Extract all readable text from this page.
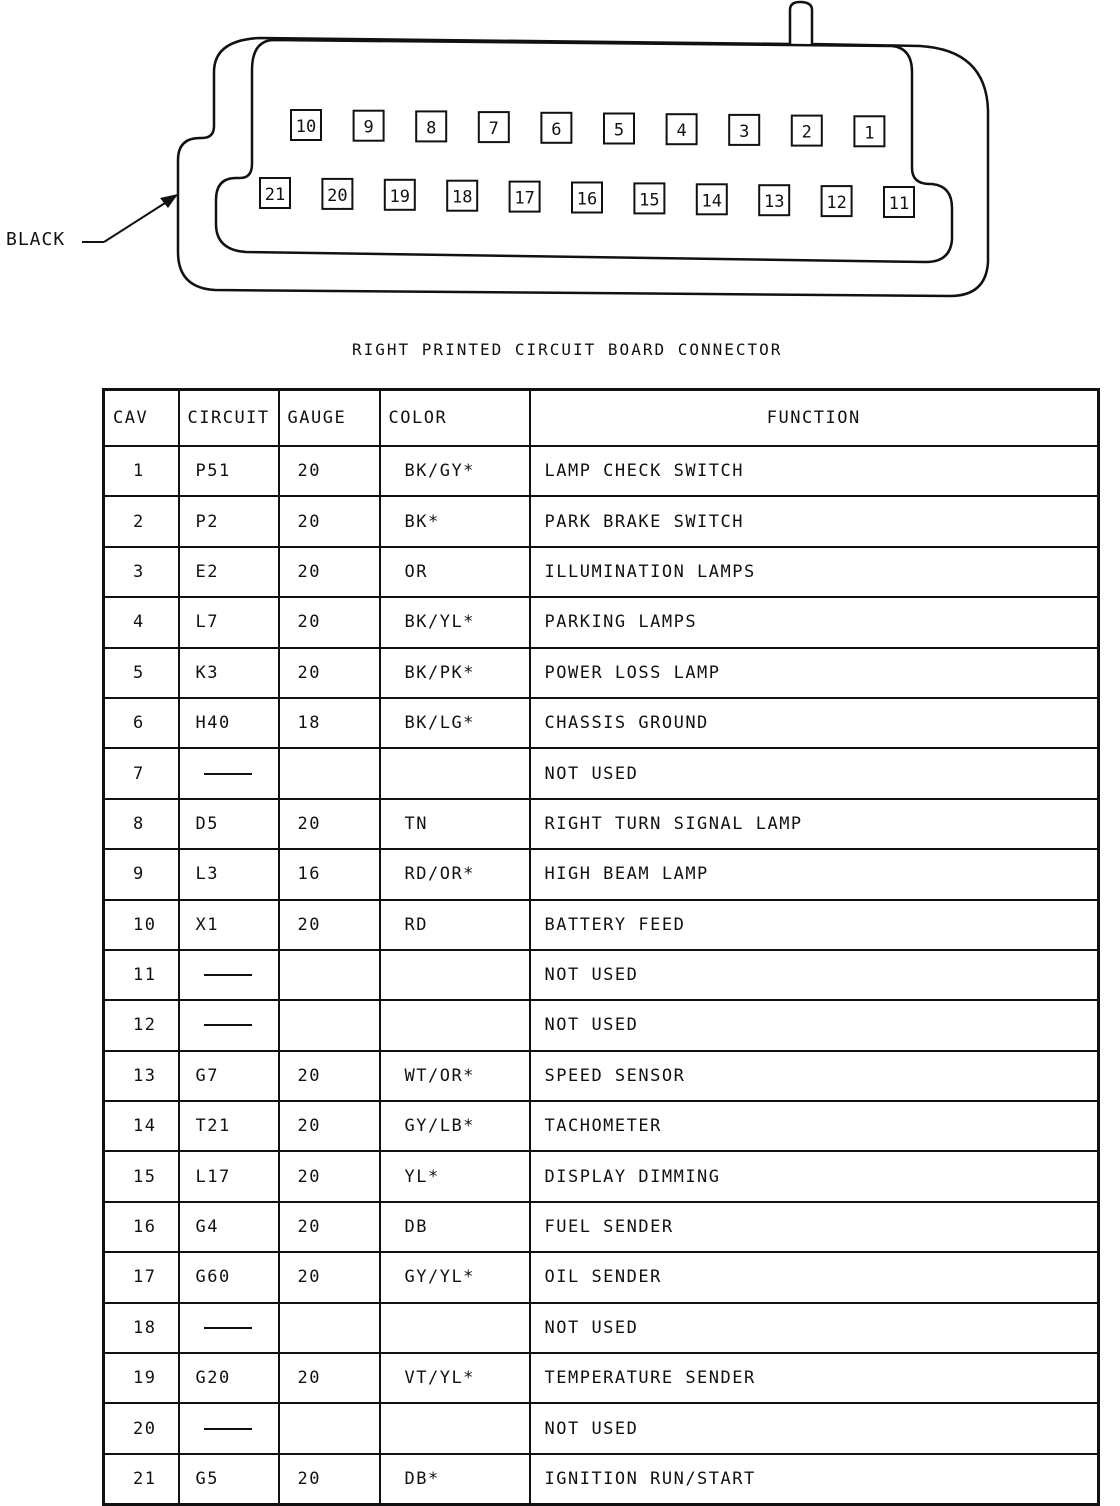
10	9	8	7	6	5	4	3	2	1
21 20 19 18 17 16 15 14 13 12 11
BLACK
RIGHT PRINTED CIRCUIT BOARD CONNECTOR
CAV	CIRCUIT	GAUGE	COLOR	FUNCTION
1	P51	20	BK/GY*	LAMP CHECK SWITCH
2	P2	20	BK*	PARK BRAKE SWITCH
3	E2	20	OR	ILLUMINATION LAMPS
4	L7	20	BK/YL*	PARKING LAMPS
5	K3	20	BK/PK*	POWER LOSS LAMP
6	H40	18	BK/LG*	CHASSIS GROUND
7				NOT USED
8	D5	20	TN	RIGHT TURN SIGNAL LAMP
9	L3	16	RD/OR*	HIGH BEAM LAMP
10	X1	20	RD	BATTERY FEED
11				NOT USED
12				NOT USED
13	G7	20	WT/OR*	SPEED SENSOR
14	T21	20	GY/LB*	TACHOMETER
15	L17	20	YL*	DISPLAY DIMMING
16	G4	20	DB	FUEL SENDER
17	G60	20	GY/YL*	OIL SENDER
18				NOT USED
19	G20	20	VT/YL*	TEMPERATURE SENDER
20				NOT USED
21	G5	20	DB*	IGNITION RUN/START
